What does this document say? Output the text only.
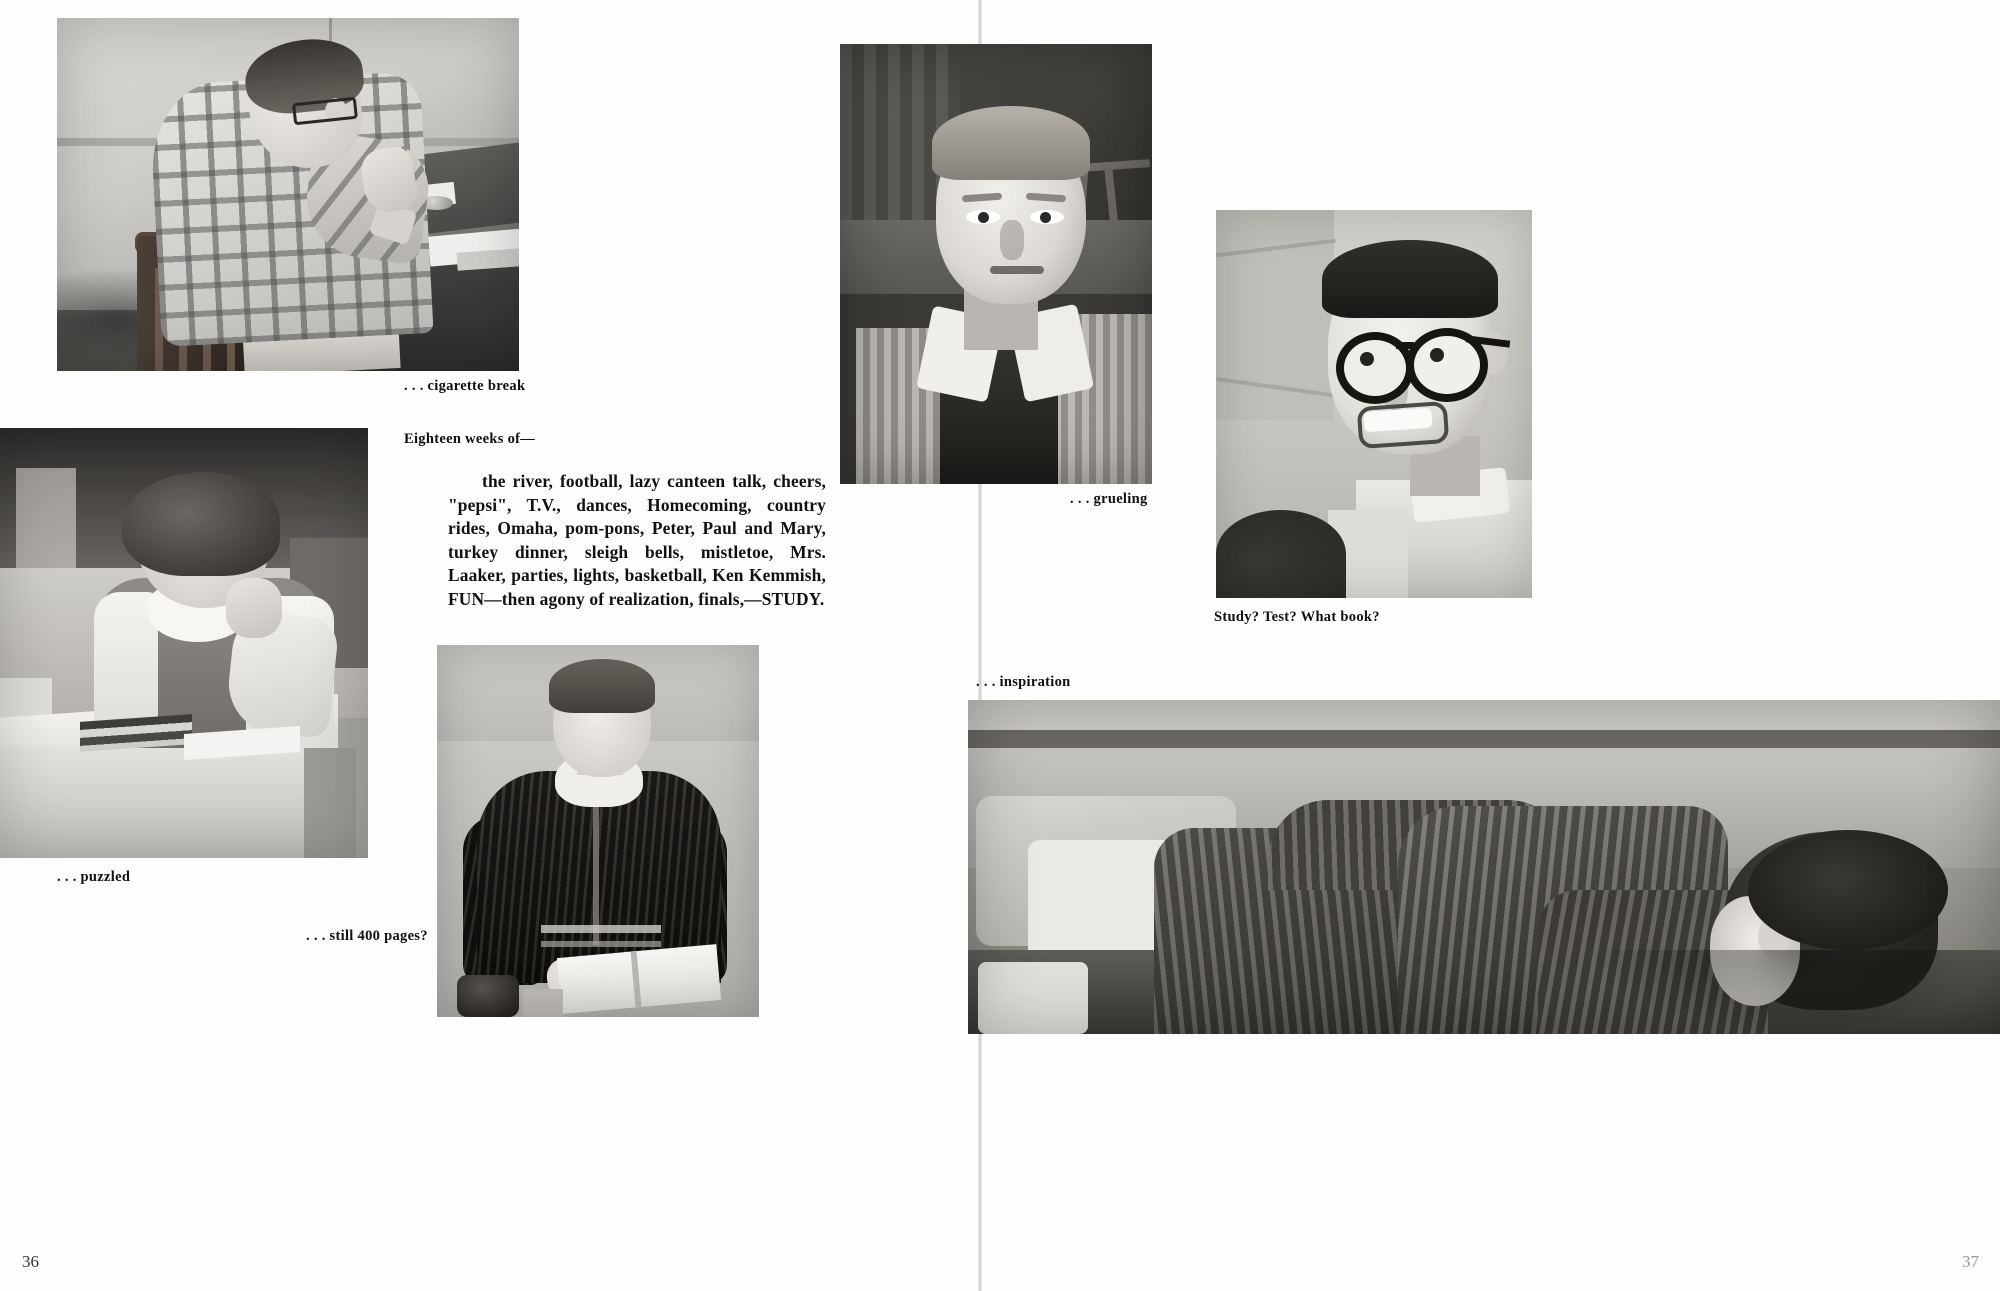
. . . cigarette break
Eighteen weeks of—
the river, football, lazy canteen talk, cheers, "pepsi", T.V., dances, Homecoming, country rides, Omaha, pom-pons, Peter, Paul and Mary, turkey dinner, sleigh bells, mistletoe, Mrs. Laaker, parties, lights, basketball, Ken Kemmish, FUN—then agony of realization, finals,—STUDY.
. . . puzzled
. . . still 400 pages?
. . . grueling
Study? Test? What book?
. . . inspiration
36	37
